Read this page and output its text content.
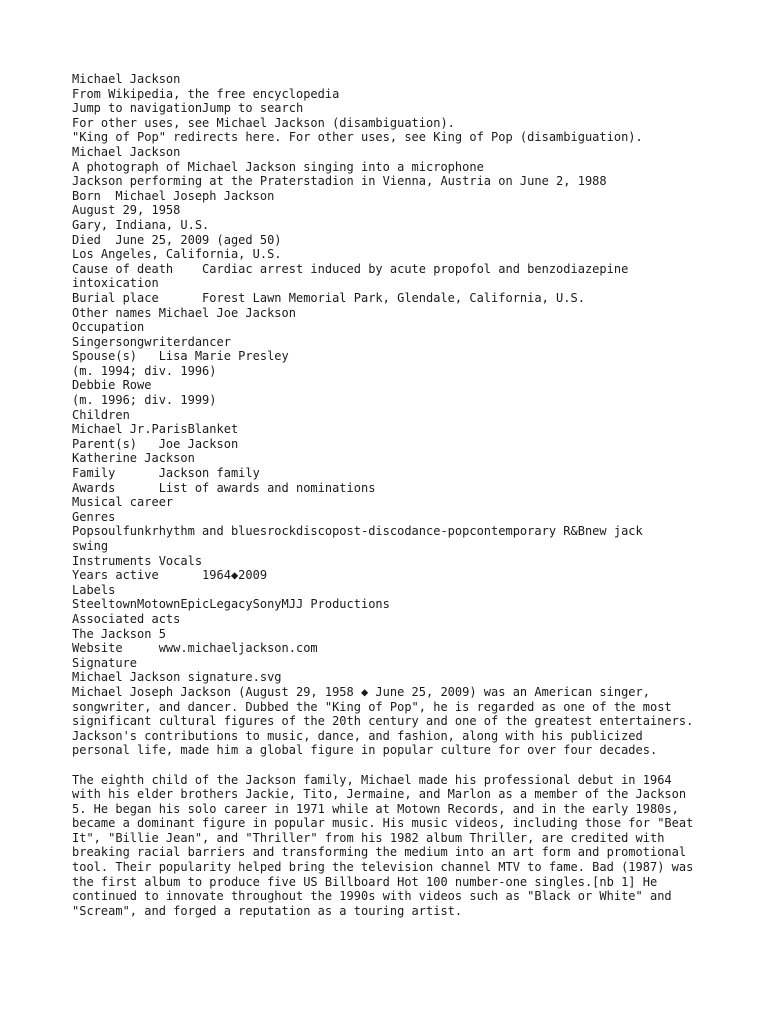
Michael Jackson
From Wikipedia, the free encyclopedia
Jump to navigationJump to search
For other uses, see Michael Jackson (disambiguation).
"King of Pop" redirects here. For other uses, see King of Pop (disambiguation).
Michael Jackson
A photograph of Michael Jackson singing into a microphone
Jackson performing at the Praterstadion in Vienna, Austria on June 2, 1988
Born  Michael Joseph Jackson
August 29, 1958
Gary, Indiana, U.S.
Died  June 25, 2009 (aged 50)
Los Angeles, California, U.S.
Cause of death    Cardiac arrest induced by acute propofol and benzodiazepine
intoxication
Burial place      Forest Lawn Memorial Park, Glendale, California, U.S.
Other names Michael Joe Jackson
Occupation
Singersongwriterdancer
Spouse(s)   Lisa Marie Presley
(m. 1994; div. 1996)
Debbie Rowe
(m. 1996; div. 1999)
Children
Michael Jr.ParisBlanket
Parent(s)   Joe Jackson
Katherine Jackson
Family      Jackson family
Awards      List of awards and nominations
Musical career
Genres
Popsoulfunkrhythm and bluesrockdiscopost-discodance-popcontemporary R&Bnew jack
swing
Instruments Vocals
Years active      1964◆2009
Labels
SteeltownMotownEpicLegacySonyMJJ Productions
Associated acts
The Jackson 5
Website     www.michaeljackson.com
Signature
Michael Jackson signature.svg

Michael Joseph Jackson (August 29, 1958 ◆ June 25, 2009) was an American singer, songwriter, and dancer. Dubbed the "King of Pop", he is regarded as one of the most significant cultural figures of the 20th century and one of the greatest entertainers. Jackson's contributions to music, dance, and fashion, along with his publicized personal life, made him a global figure in popular culture for over four decades.

The eighth child of the Jackson family, Michael made his professional debut in 1964 with his elder brothers Jackie, Tito, Jermaine, and Marlon as a member of the Jackson 5. He began his solo career in 1971 while at Motown Records, and in the early 1980s, became a dominant figure in popular music. His music videos, including those for "Beat It", "Billie Jean", and "Thriller" from his 1982 album Thriller, are credited with breaking racial barriers and transforming the medium into an art form and promotional tool. Their popularity helped bring the television channel MTV to fame. Bad (1987) was the first album to produce five US Billboard Hot 100 number-one singles.[nb 1] He continued to innovate throughout the 1990s with videos such as "Black or White" and "Scream", and forged a reputation as a touring artist.
